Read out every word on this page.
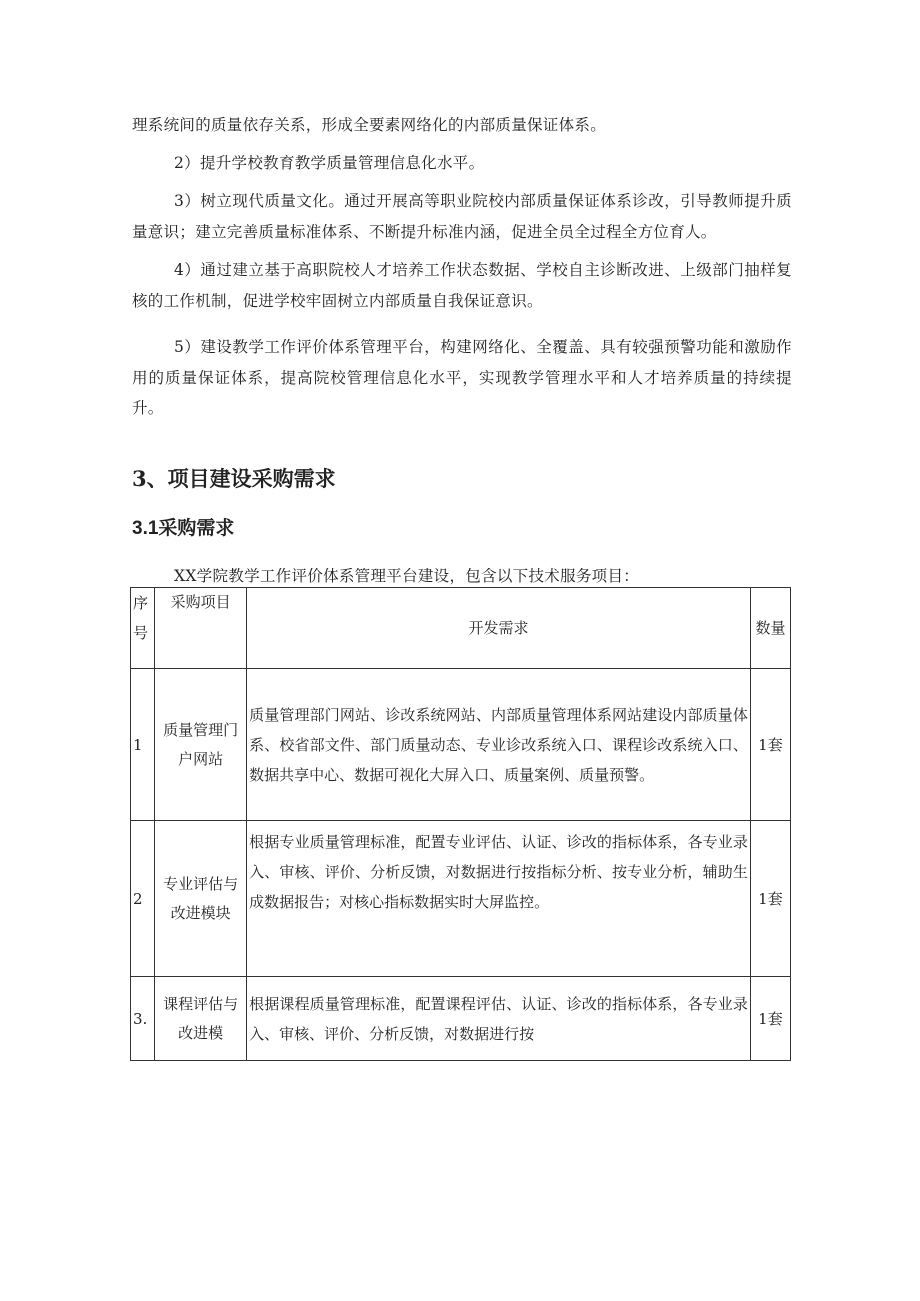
理系统间的质量依存关系，形成全要素网络化的内部质量保证体系。

2）提升学校教育教学质量管理信息化水平。

3）树立现代质量文化。通过开展高等职业院校内部质量保证体系诊改，引导教师提升质量意识；建立完善质量标准体系、不断提升标准内涵，促进全员全过程全方位育人。

4）通过建立基于高职院校人才培养工作状态数据、学校自主诊断改进、上级部门抽样复核的工作机制，促进学校牢固树立内部质量自我保证意识。

5）建设教学工作评价体系管理平台，构建网络化、全覆盖、具有较强预警功能和激励作用的质量保证体系，提高院校管理信息化水平，实现教学管理水平和人才培养质量的持续提升。

3、项目建设采购需求
3.1采购需求

XX学院教学工作评价体系管理平台建设，包含以下技术服务项目：

序号	采购项目	开发需求	数量
1	质量管理门户网站	质量管理部门网站、诊改系统网站、内部质量管理体系网站建设内部质量体系、校省部文件、部门质量动态、专业诊改系统入口、课程诊改系统入口、数据共享中心、数据可视化大屏入口、质量案例、质量预警。	1套
2	专业评估与改进模块	根据专业质量管理标准，配置专业评估、认证、诊改的指标体系，各专业录入、审核、评价、分析反馈，对数据进行按指标分析、按专业分析，辅助生成数据报告；对核心指标数据实时大屏监控。	1套
3.	课程评估与改进模	根据课程质量管理标准，配置课程评估、认证、诊改的指标体系，各专业录入、审核、评价、分析反馈，对数据进行按	1套
